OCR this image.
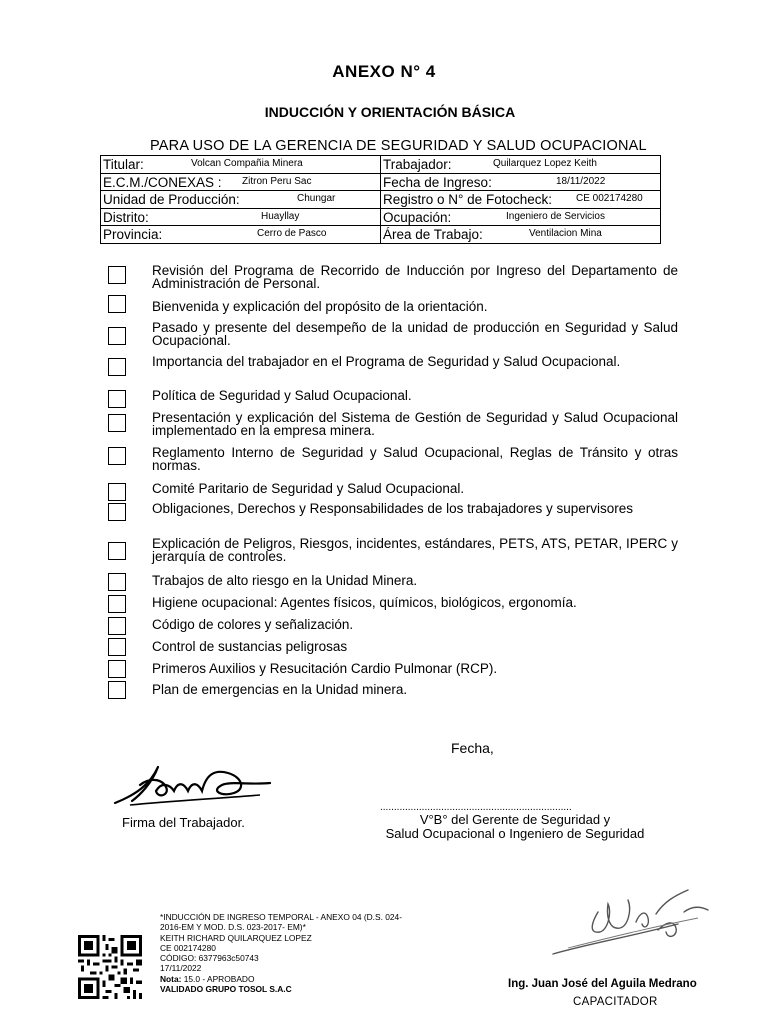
ANEXO N° 4
INDUCCIÓN Y ORIENTACIÓN BÁSICA
PARA USO DE LA GERENCIA DE SEGURIDAD Y SALUD OCUPACIONAL
Titular: Volcan Compañia Minera	Trabajador: Quilarquez Lopez Keith

E.C.M./CONEXAS : Zitron Peru Sac	Fecha de Ingreso: 18/11/2022

Unidad de Producción: Chungar	Registro o N° de Fotocheck: CE 002174280

Distrito: Huayllay	Ocupación: Ingeniero de Servicios

Provincia: Cerro de Pasco	Área de Trabajo: Ventilacion Mina
Revisión del Programa de Recorrido de Inducción por Ingreso del Departamento de Administración de Personal.
Bienvenida y explicación del propósito de la orientación.
Pasado y presente del desempeño de la unidad de producción en Seguridad y Salud Ocupacional.
Importancia del trabajador en el Programa de Seguridad y Salud Ocupacional.
Política de Seguridad y Salud Ocupacional.
Presentación y explicación del Sistema de Gestión de Seguridad y Salud Ocupacional implementado en la empresa minera.
Reglamento Interno de Seguridad y Salud Ocupacional, Reglas de Tránsito y otras normas.
Comité Paritario de Seguridad y Salud Ocupacional.
Obligaciones, Derechos y Responsabilidades de los trabajadores y supervisores
Explicación de Peligros, Riesgos, incidentes, estándares, PETS, ATS, PETAR, IPERC y jerarquía de controles.
Trabajos de alto riesgo en la Unidad Minera.
Higiene ocupacional: Agentes físicos, químicos, biológicos, ergonomía.
Código de colores y señalización.
Control de sustancias peligrosas
Primeros Auxilios y Resucitación Cardio Pulmonar (RCP).
Plan de emergencias en la Unidad minera.
Fecha,
.....................................................................
Firma del Trabajador.	V°B° del Gerente de Seguridad y
Salud Ocupacional o Ingeniero de Seguridad
*INDUCCIÓN DE INGRESO TEMPORAL - ANEXO 04 (D.S. 024-
2016-EM Y MOD. D.S. 023-2017- EM)*
KEITH RICHARD QUILARQUEZ LOPEZ
CE 002174280
CÓDIGO: 6377963c50743
17/11/2022
Nota: 15.0 - APROBADO
VALIDADO GRUPO TOSOL S.A.C	Ing. Juan José del Aguila Medrano
CAPACITADOR
